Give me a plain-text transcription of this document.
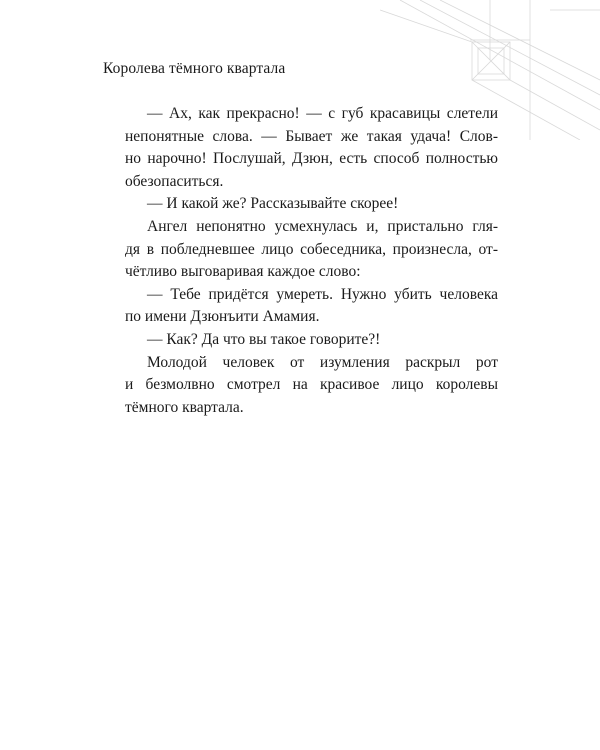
Королева тёмного квартала
— Ах, как прекрасно! — с губ красавицы слетели
непонятные слова. — Бывает же такая удача! Слов-
но нарочно! Послушай, Дзюн, есть способ полностью
обезопаситься.
— И какой же? Рассказывайте скорее!
Ангел непонятно усмехнулась и, пристально гля-
дя в побледневшее лицо собеседника, произнесла, от-
чётливо выговаривая каждое слово:
— Тебе придётся умереть. Нужно убить человека
по имени Дзюнъити Амамия.
— Как? Да что вы такое говорите?!
Молодой человек от изумления раскрыл рот
и безмолвно смотрел на красивое лицо королевы
тёмного квартала.
